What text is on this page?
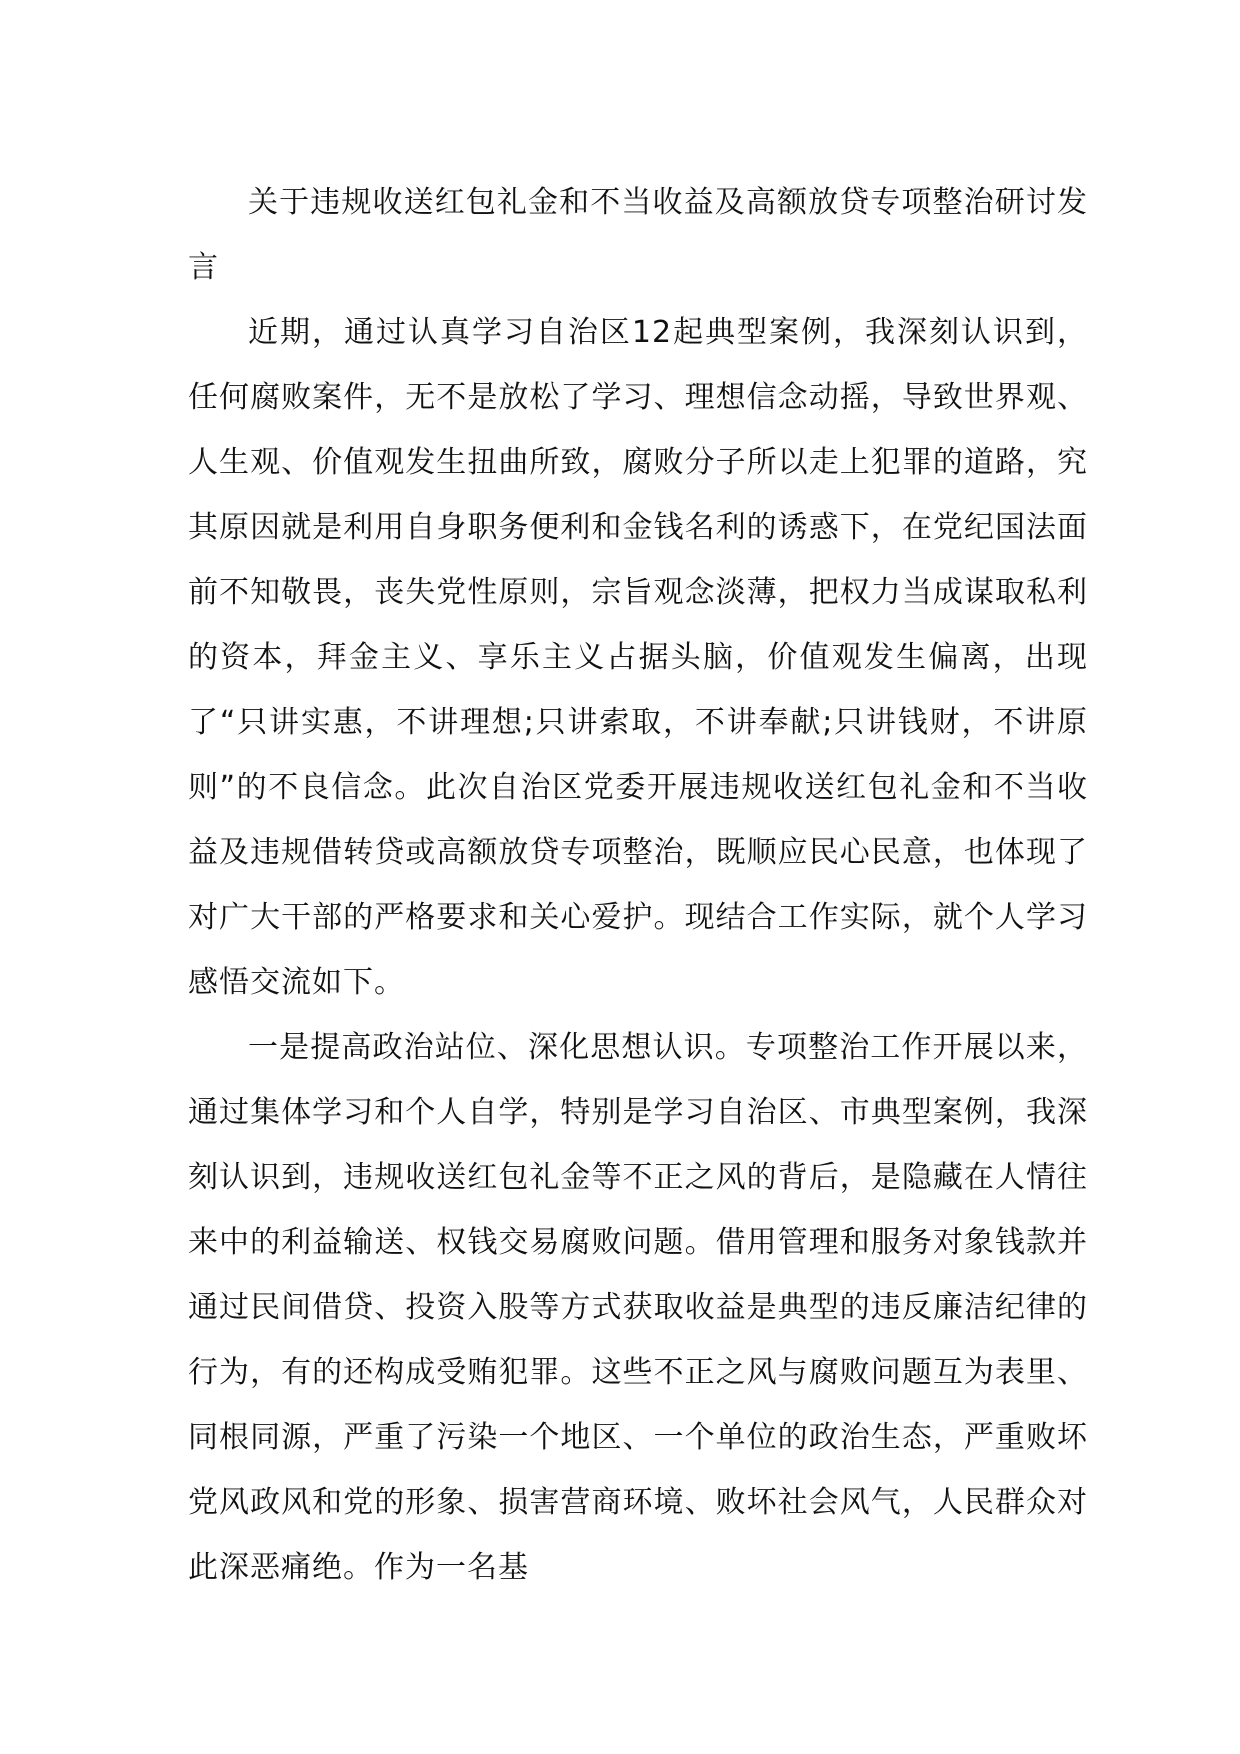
关于违规收送红包礼金和不当收益及高额放贷专项整治研讨发言

近期，通过认真学习自治区12起典型案例，我深刻认识到，任何腐败案件，无不是放松了学习、理想信念动摇，导致世界观、人生观、价值观发生扭曲所致，腐败分子所以走上犯罪的道路，究其原因就是利用自身职务便利和金钱名利的诱惑下，在党纪国法面前不知敬畏，丧失党性原则，宗旨观念淡薄，把权力当成谋取私利的资本，拜金主义、享乐主义占据头脑，价值观发生偏离，出现了“只讲实惠，不讲理想;只讲索取，不讲奉献;只讲钱财，不讲原则”的不良信念。此次自治区党委开展违规收送红包礼金和不当收益及违规借转贷或高额放贷专项整治，既顺应民心民意，也体现了对广大干部的严格要求和关心爱护。现结合工作实际，就个人学习感悟交流如下。

一是提高政治站位、深化思想认识。专项整治工作开展以来，通过集体学习和个人自学，特别是学习自治区、市典型案例，我深刻认识到，违规收送红包礼金等不正之风的背后，是隐藏在人情往来中的利益输送、权钱交易腐败问题。借用管理和服务对象钱款并通过民间借贷、投资入股等方式获取收益是典型的违反廉洁纪律的行为，有的还构成受贿犯罪。这些不正之风与腐败问题互为表里、同根同源，严重了污染一个地区、一个单位的政治生态，严重败坏党风政风和党的形象、损害营商环境、败坏社会风气，人民群众对此深恶痛绝。作为一名基
